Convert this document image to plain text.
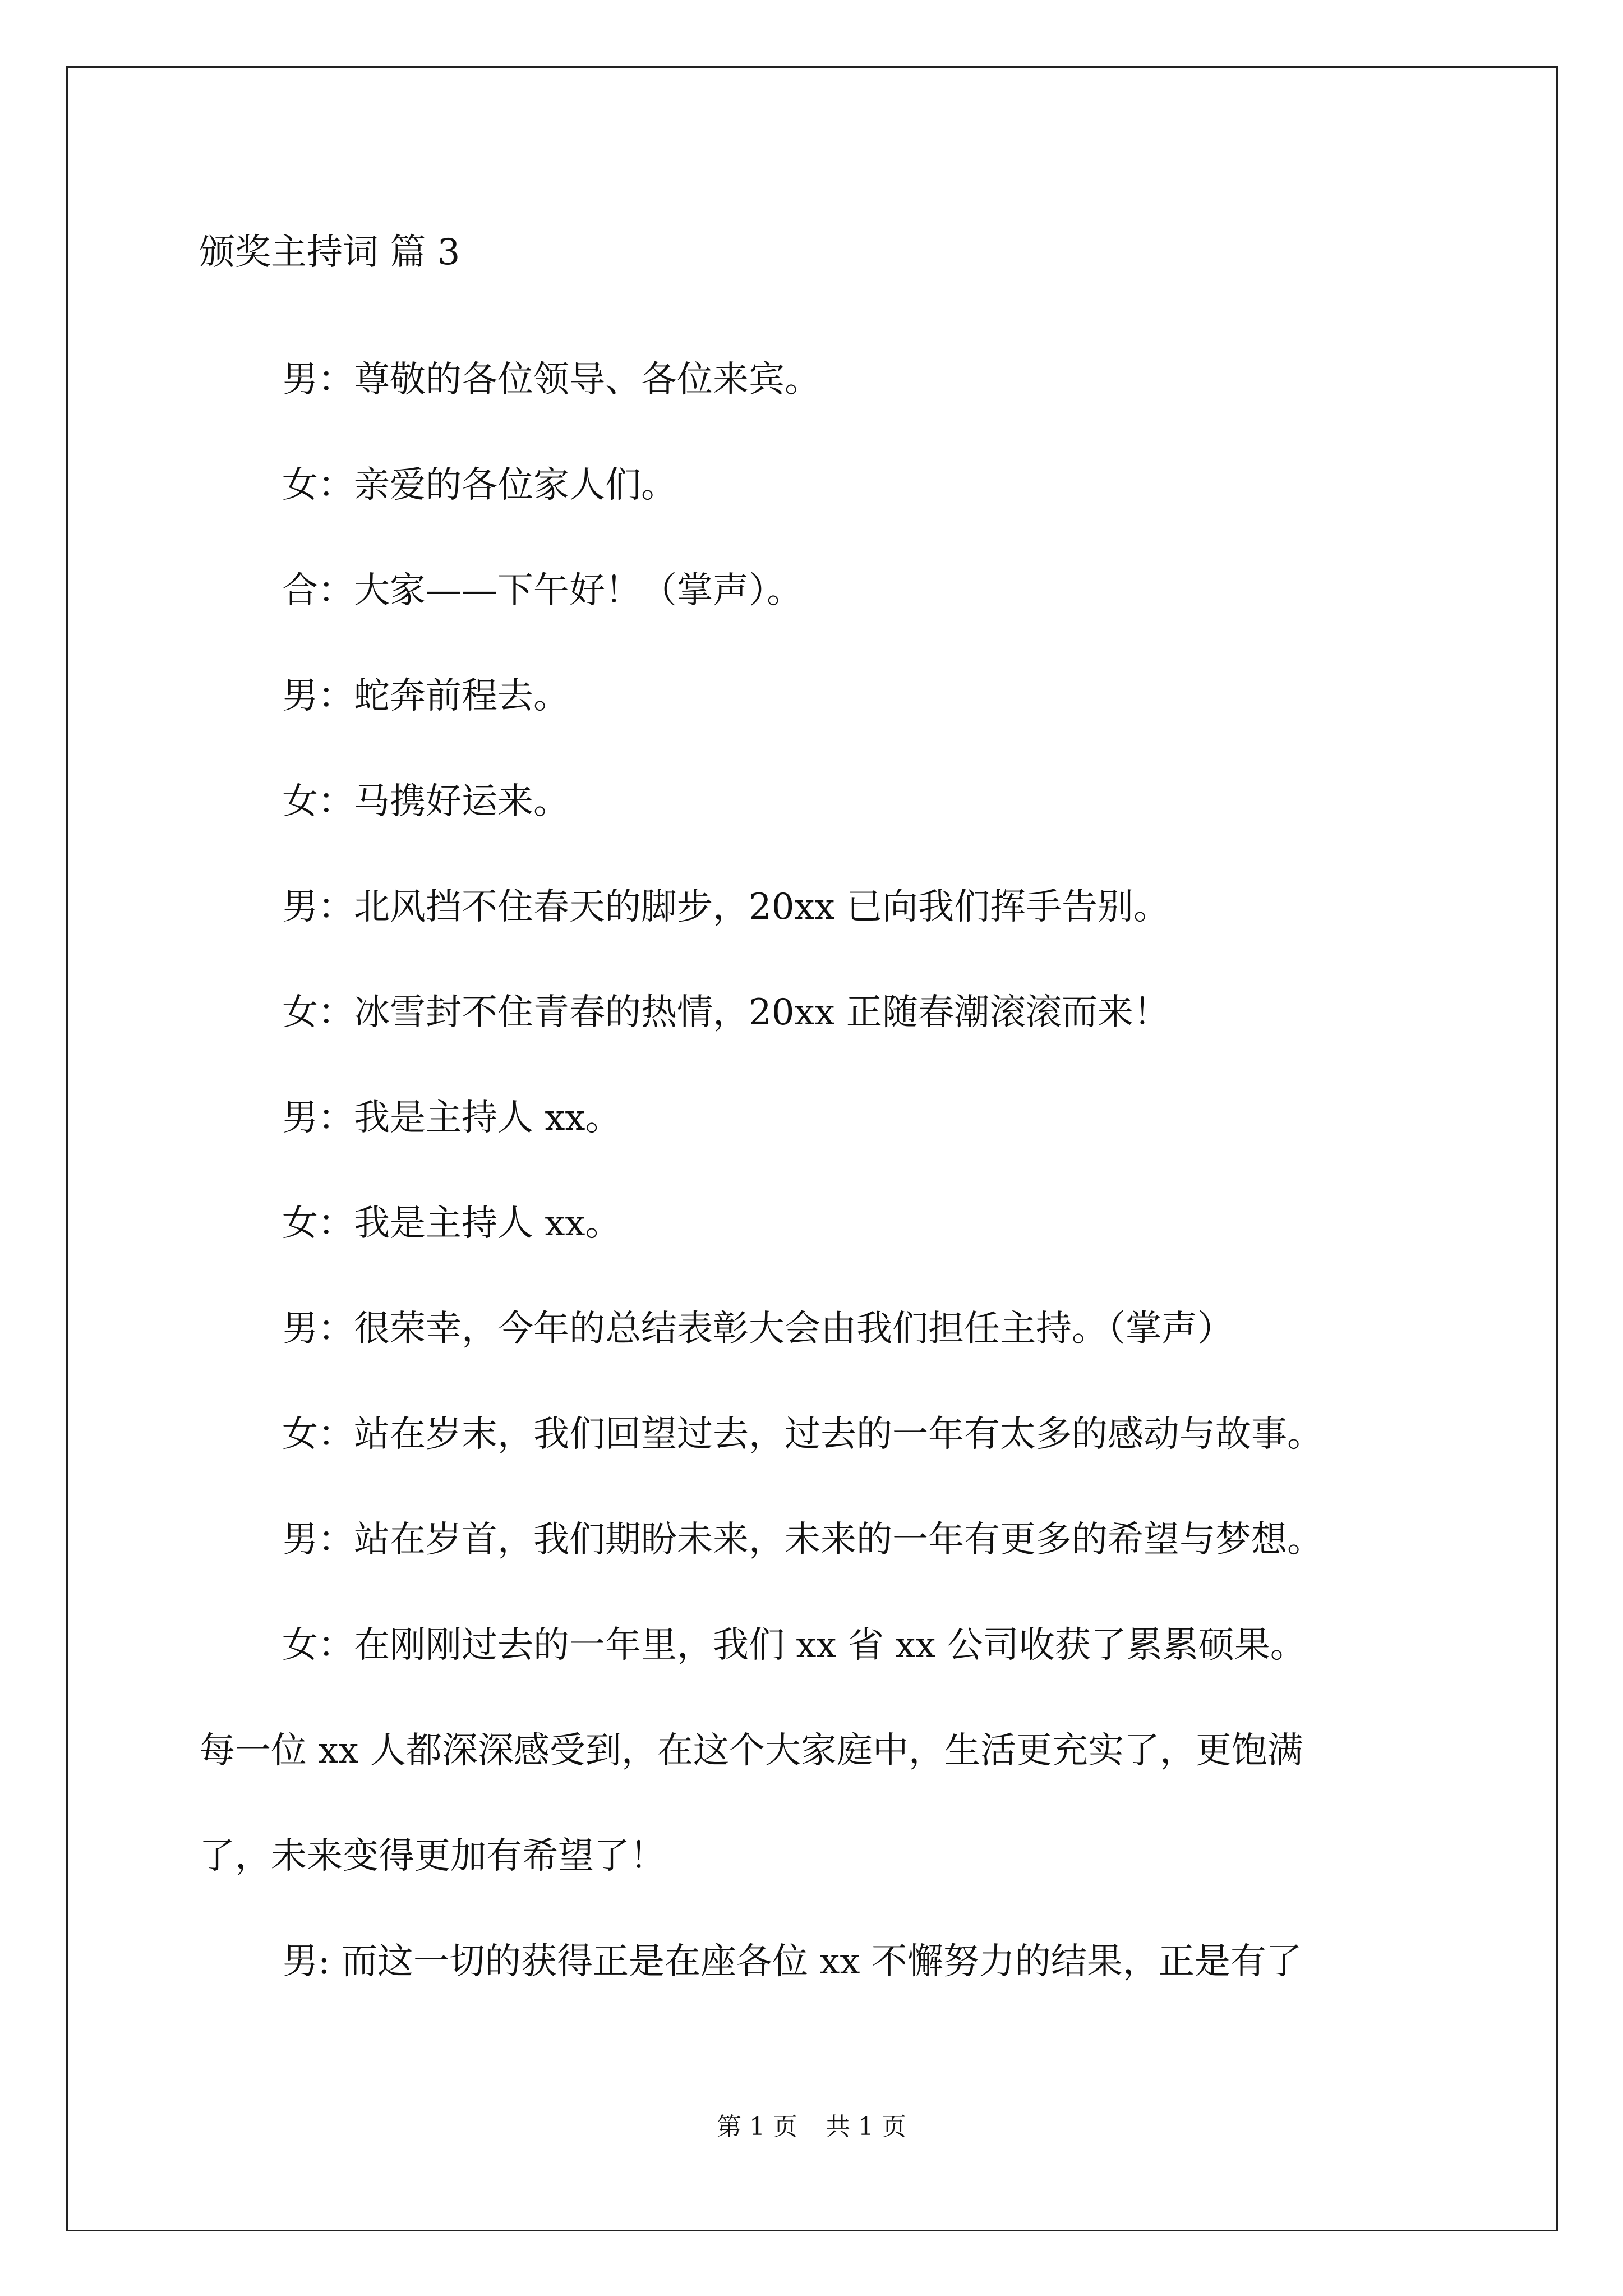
颁奖主持词 篇 3

男：尊敬的各位领导、各位来宾。

女：亲爱的各位家人们。

合：大家——下午好！（掌声）。

男：蛇奔前程去。

女：马携好运来。

男：北风挡不住春天的脚步，20xx 已向我们挥手告别。

女：冰雪封不住青春的热情，20xx 正随春潮滚滚而来！

男：我是主持人 xx。

女：我是主持人 xx。

男：很荣幸，今年的总结表彰大会由我们担任主持。（掌声）

女：站在岁末，我们回望过去，过去的一年有太多的感动与故事。

男：站在岁首，我们期盼未来，未来的一年有更多的希望与梦想。

女：在刚刚过去的一年里，我们 xx 省 xx 公司收获了累累硕果。

每一位 xx 人都深深感受到，在这个大家庭中，生活更充实了，更饱满

了，未来变得更加有希望了！

男: 而这一切的获得正是在座各位 xx 不懈努力的结果，正是有了

第 1 页 共 1 页
